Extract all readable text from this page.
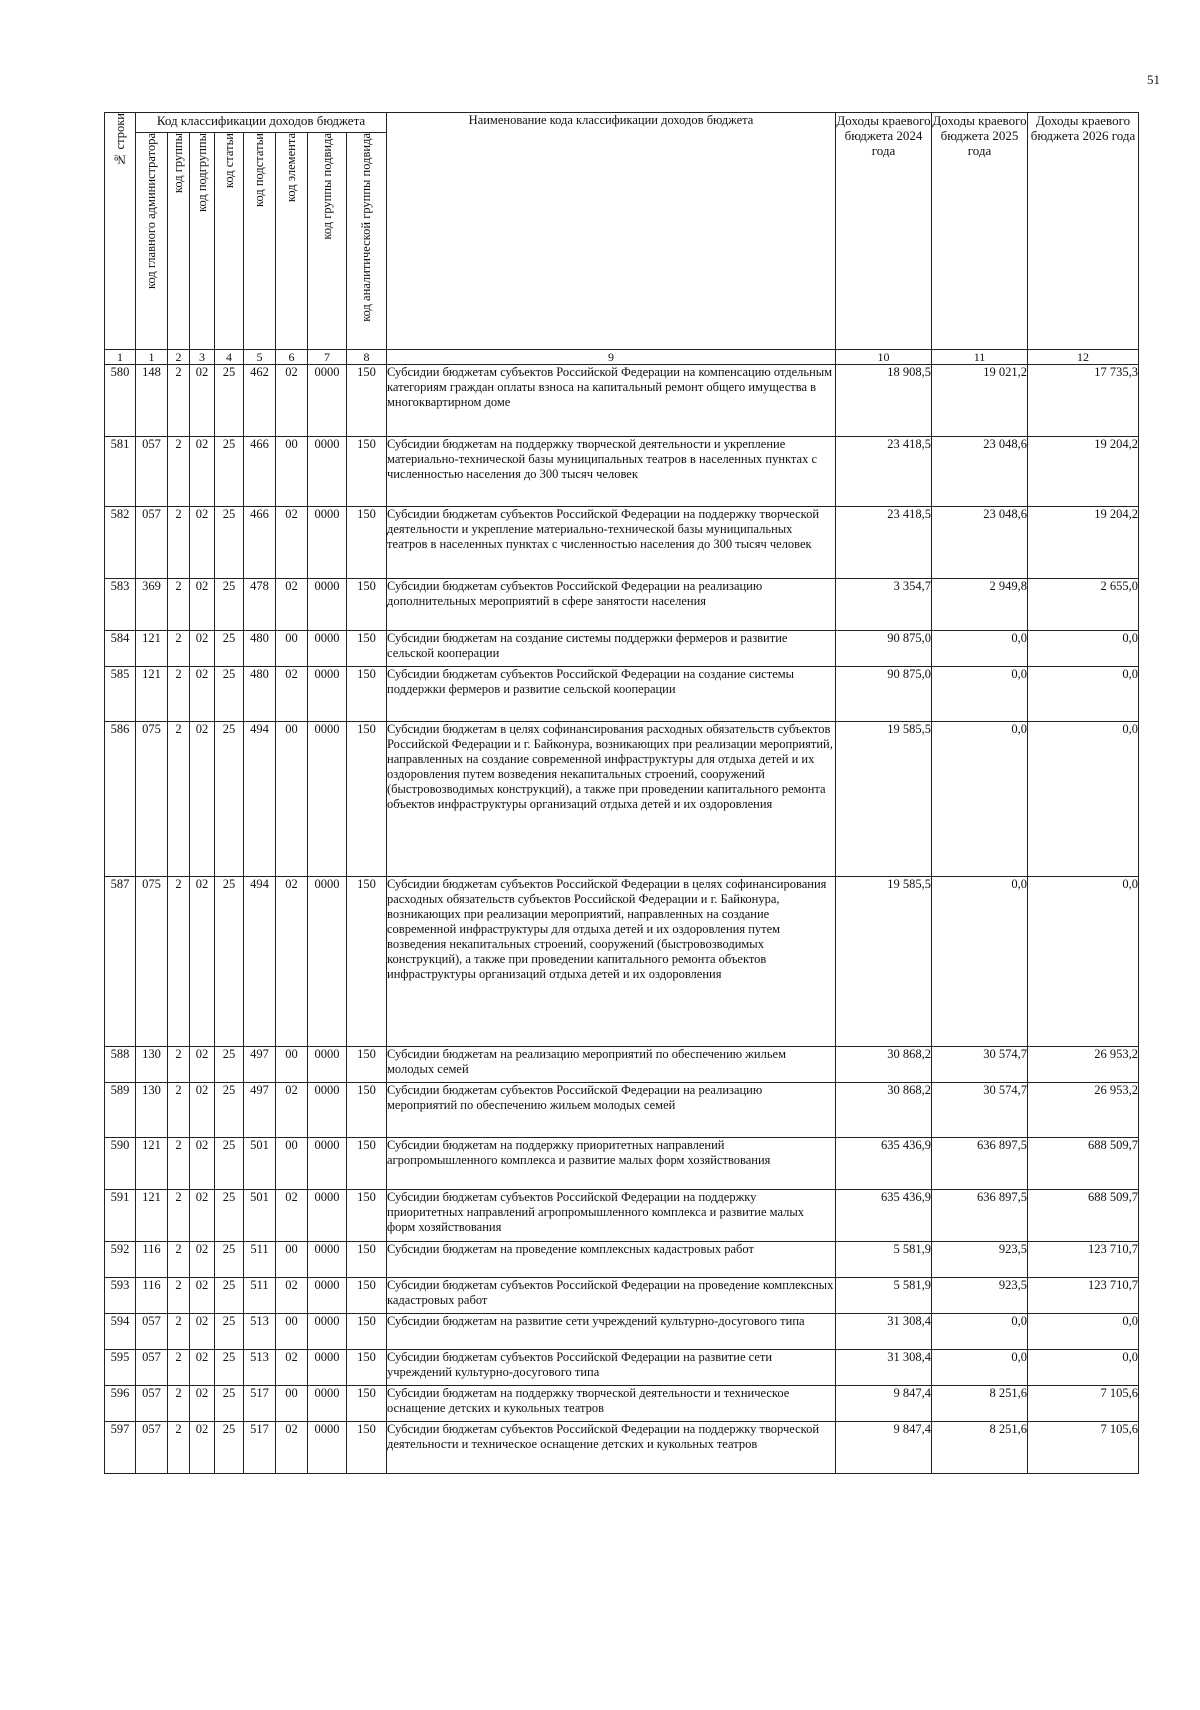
51
№ строки	Код классификации доходов бюджета								Наименование кода классификации доходов бюджета	Доходы краевого бюджета 2024 года	Доходы краевого бюджета 2025 года	Доходы краевого бюджета 2026 года
	код главного администратора	код группы	код подгруппы	код статьи	код подстатьи	код элемента	код группы подвида	код аналитической группы подвида				
1	1	2	3	4	5	6	7	8	9	10	11	12
580	148	2	02	25	462	02	0000	150	Субсидии бюджетам субъектов Российской Федерации на компенсацию отдельным категориям граждан оплаты взноса на капитальный ремонт общего имущества в многоквартирном доме	18 908,5	19 021,2	17 735,3
581	057	2	02	25	466	00	0000	150	Субсидии бюджетам на поддержку творческой деятельности и укрепление материально-технической базы муниципальных театров в населенных пунктах с численностью населения до 300 тысяч человек	23 418,5	23 048,6	19 204,2
582	057	2	02	25	466	02	0000	150	Субсидии бюджетам субъектов Российской Федерации на поддержку творческой деятельности и укрепление материально-технической базы муниципальных театров в населенных пунктах с численностью населения до 300 тысяч человек	23 418,5	23 048,6	19 204,2
583	369	2	02	25	478	02	0000	150	Субсидии бюджетам субъектов Российской Федерации на реализацию дополнительных мероприятий в сфере занятости населения	3 354,7	2 949,8	2 655,0
584	121	2	02	25	480	00	0000	150	Субсидии бюджетам на создание системы поддержки фермеров и развитие сельской кооперации	90 875,0	0,0	0,0
585	121	2	02	25	480	02	0000	150	Субсидии бюджетам субъектов Российской Федерации на создание системы поддержки фермеров и развитие сельской кооперации	90 875,0	0,0	0,0
586	075	2	02	25	494	00	0000	150	Субсидии бюджетам в целях софинансирования расходных обязательств субъектов Российской Федерации и г. Байконура, возникающих при реализации мероприятий, направленных на создание современной инфраструктуры для отдыха детей и их оздоровления путем возведения некапитальных строений, сооружений (быстровозводимых конструкций), а также при проведении капитального ремонта объектов инфраструктуры организаций отдыха детей и их оздоровления	19 585,5	0,0	0,0
587	075	2	02	25	494	02	0000	150	Субсидии бюджетам субъектов Российской Федерации в целях софинансирования расходных обязательств субъектов Российской Федерации и г. Байконура, возникающих при реализации мероприятий, направленных на создание современной инфраструктуры для отдыха детей и их оздоровления путем возведения некапитальных строений, сооружений (быстровозводимых конструкций), а также при проведении капитального ремонта объектов инфраструктуры организаций отдыха детей и их оздоровления	19 585,5	0,0	0,0
588	130	2	02	25	497	00	0000	150	Субсидии бюджетам на реализацию мероприятий по обеспечению жильем молодых семей	30 868,2	30 574,7	26 953,2
589	130	2	02	25	497	02	0000	150	Субсидии бюджетам субъектов Российской Федерации на реализацию мероприятий по обеспечению жильем молодых семей	30 868,2	30 574,7	26 953,2
590	121	2	02	25	501	00	0000	150	Субсидии бюджетам на поддержку приоритетных направлений агропромышленного комплекса и развитие малых форм хозяйствования	635 436,9	636 897,5	688 509,7
591	121	2	02	25	501	02	0000	150	Субсидии бюджетам субъектов Российской Федерации на поддержку приоритетных направлений агропромышленного комплекса и развитие малых форм хозяйствования	635 436,9	636 897,5	688 509,7
592	116	2	02	25	511	00	0000	150	Субсидии бюджетам на проведение комплексных кадастровых работ	5 581,9	923,5	123 710,7
593	116	2	02	25	511	02	0000	150	Субсидии бюджетам субъектов Российской Федерации на проведение комплексных кадастровых работ	5 581,9	923,5	123 710,7
594	057	2	02	25	513	00	0000	150	Субсидии бюджетам на развитие сети учреждений культурно-досугового типа	31 308,4	0,0	0,0
595	057	2	02	25	513	02	0000	150	Субсидии бюджетам субъектов Российской Федерации на развитие сети учреждений культурно-досугового типа	31 308,4	0,0	0,0
596	057	2	02	25	517	00	0000	150	Субсидии бюджетам на поддержку творческой деятельности и техническое оснащение детских и кукольных театров	9 847,4	8 251,6	7 105,6
597	057	2	02	25	517	02	0000	150	Субсидии бюджетам субъектов Российской Федерации на поддержку творческой деятельности и техническое оснащение детских и кукольных театров	9 847,4	8 251,6	7 105,6
